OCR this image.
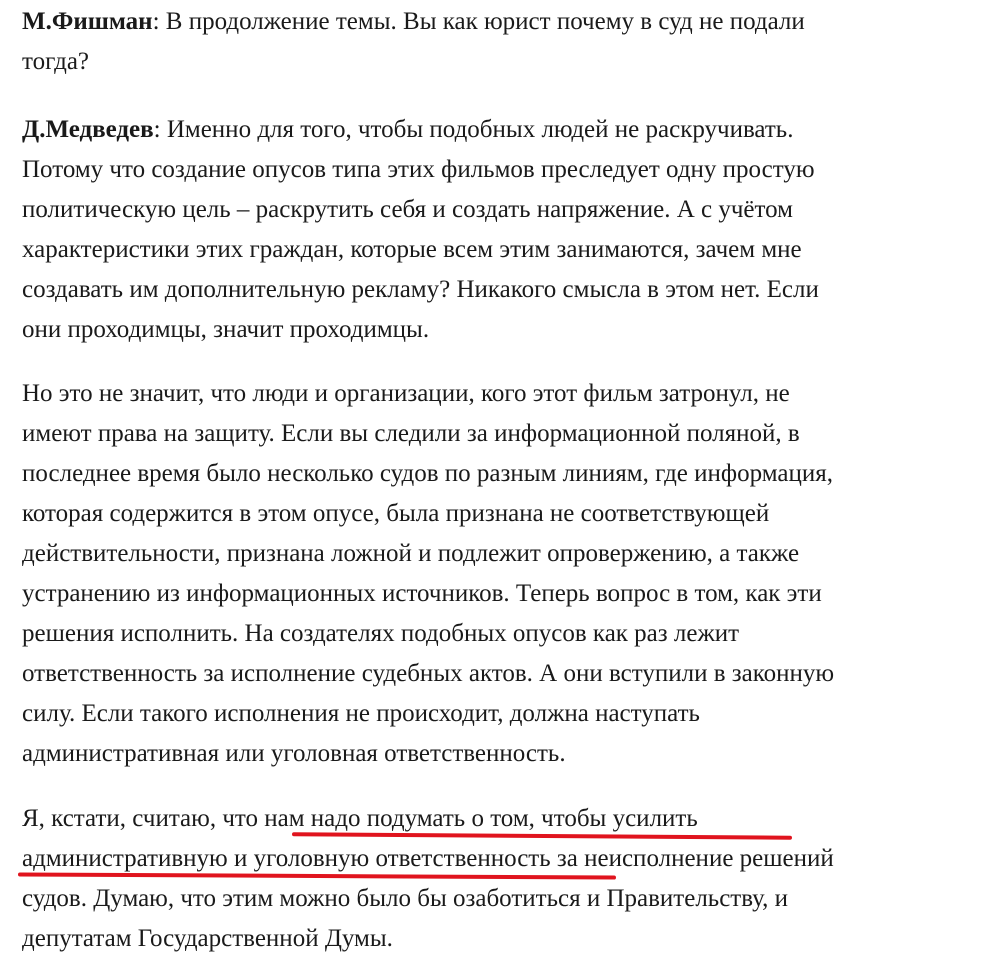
М.Фишман: В продолжение темы. Вы как юрист почему в суд не подали
тогда?

Д.Медведев: Именно для того, чтобы подобных людей не раскручивать.
Потому что создание опусов типа этих фильмов преследует одну простую
политическую цель – раскрутить себя и создать напряжение. А с учётом
характеристики этих граждан, которые всем этим занимаются, зачем мне
создавать им дополнительную рекламу? Никакого смысла в этом нет. Если
они проходимцы, значит проходимцы.

Но это не значит, что люди и организации, кого этот фильм затронул, не
имеют права на защиту. Если вы следили за информационной поляной, в
последнее время было несколько судов по разным линиям, где информация,
которая содержится в этом опусе, была признана не соответствующей
действительности, признана ложной и подлежит опровержению, а также
устранению из информационных источников. Теперь вопрос в том, как эти
решения исполнить. На создателях подобных опусов как раз лежит
ответственность за исполнение судебных актов. А они вступили в законную
силу. Если такого исполнения не происходит, должна наступать
административная или уголовная ответственность.

Я, кстати, считаю, что нам надо подумать о том, чтобы усилить
административную и уголовную ответственность за неисполнение решений
судов. Думаю, что этим можно было бы озаботиться и Правительству, и
депутатам Государственной Думы.
